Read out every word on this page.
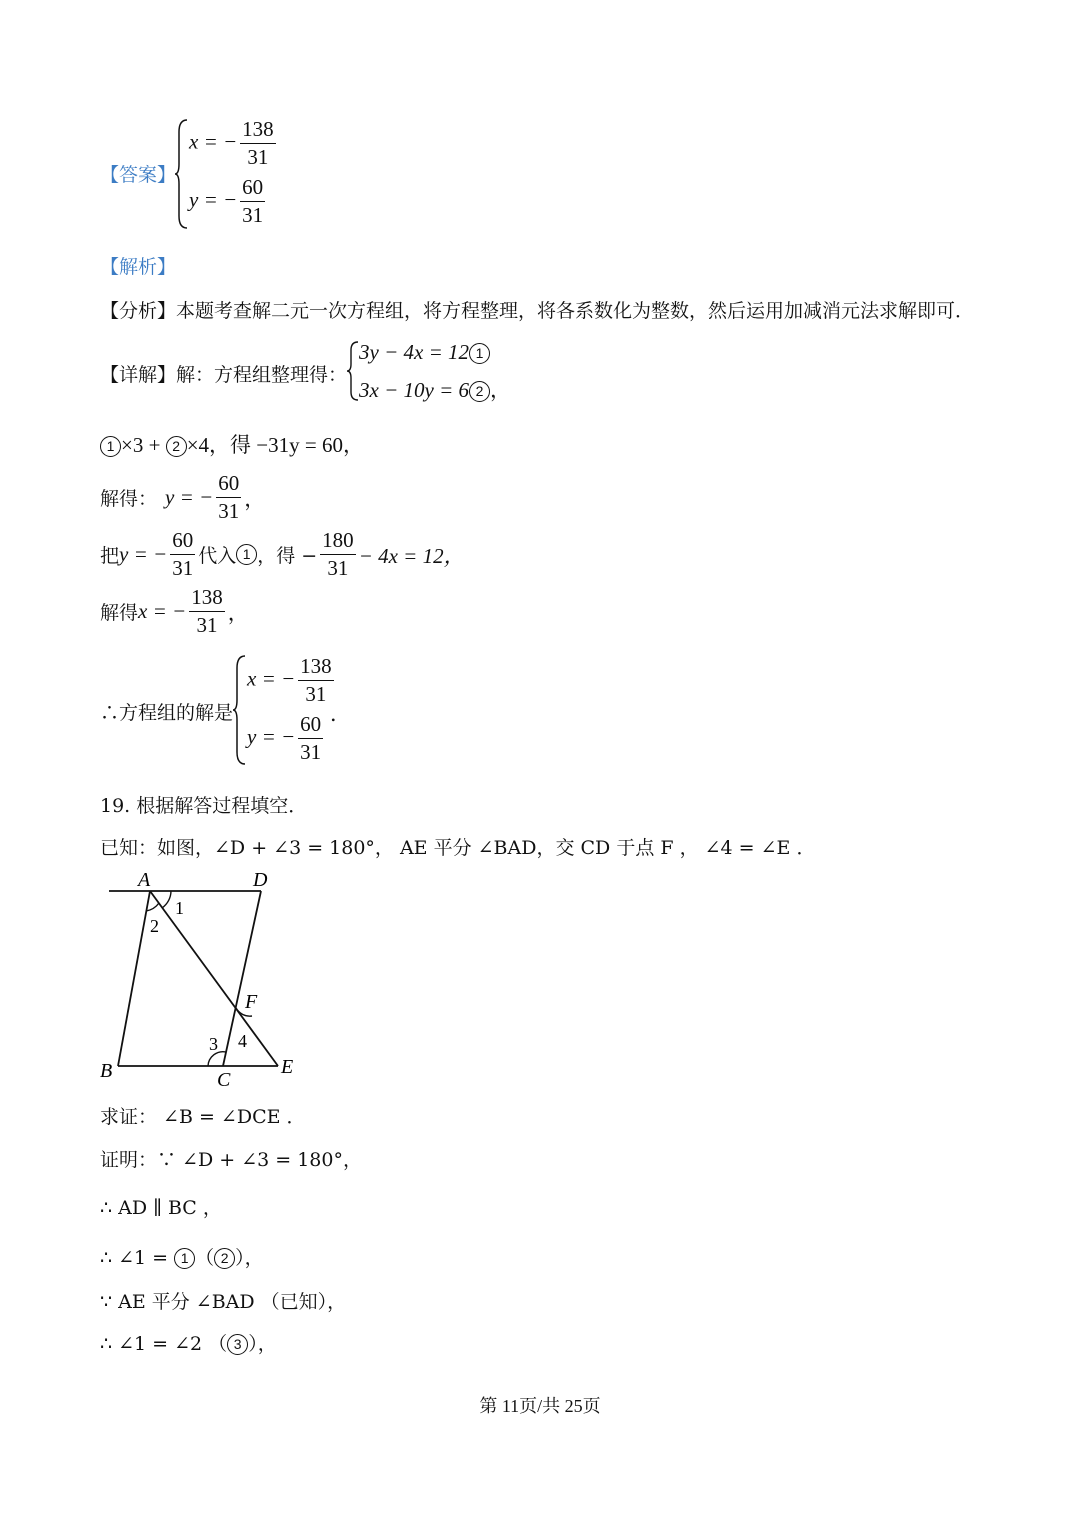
【答案】
x = − $\frac{138}{31}$
y = − $\frac{60}{31}$
【解析】
【分析】本题考查解二元一次方程组，将方程整理，将各系数化为整数，然后运用加减消元法求解即可．
【详解】解：方程组整理得：
3y − 4x = 12 1
3x − 10y = 6 2 ，
1 ×3 + 2 ×4，得 −31y = 60，
解得： y = − $\frac{60}{31}$ ，
把 y = − $\frac{60}{31}$ 代入 1 ，得 − $\frac{180}{31} - 4x = 12$，
解得 x = − $\frac{138}{31}$ ，
∴方程组的解是
x = − $\frac{138}{31}$
y = − $\frac{60}{31}$ ．
19. 根据解答过程填空．
已知：如图，∠D + ∠3 = 180°， AE 平分 ∠BAD，交 CD 于点 F ， ∠4 = ∠E ．
A	D
B	C
E
F
1
2
3 4
求证： ∠B = ∠DCE ．
证明：∵ ∠D + ∠3 = 180°，
∴ AD ∥ BC ，
∴ ∠1 = 1 （ 2 ），
∵ AE 平分 ∠BAD （已知），
∴ ∠1 = ∠2 （ 3 ），
第 11页/共 25页
